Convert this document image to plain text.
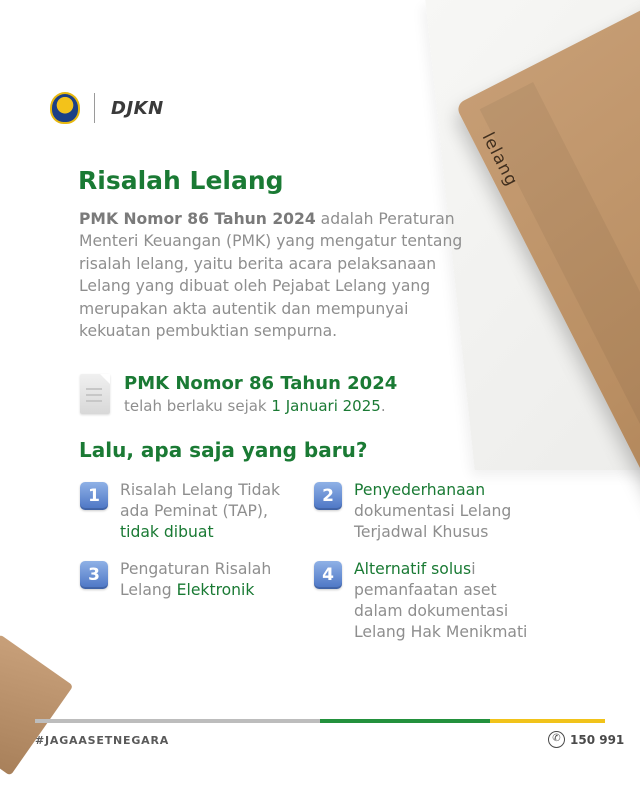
lelang
DJKN
Risalah Lelang
PMK Nomor 86 Tahun 2024 adalah Peraturan Menteri Keuangan (PMK) yang mengatur tentang risalah lelang, yaitu berita acara pelaksanaan Lelang yang dibuat oleh Pejabat Lelang yang merupakan akta autentik dan mempunyai kekuatan pembuktian sempurna.
PMK Nomor 86 Tahun 2024
telah berlaku sejak 1 Januari 2025.
Lalu, apa saja yang baru?
1	Risalah Lelang Tidak ada Peminat (TAP), tidak dibuat
2	Penyederhanaan dokumentasi Lelang Terjadwal Khusus
3	Pengaturan Risalah Lelang Elektronik
4	Alternatif solusi pemanfaatan aset dalam dokumentasi Lelang Hak Menikmati
#JAGAASETNEGARA	✆ 150 991
